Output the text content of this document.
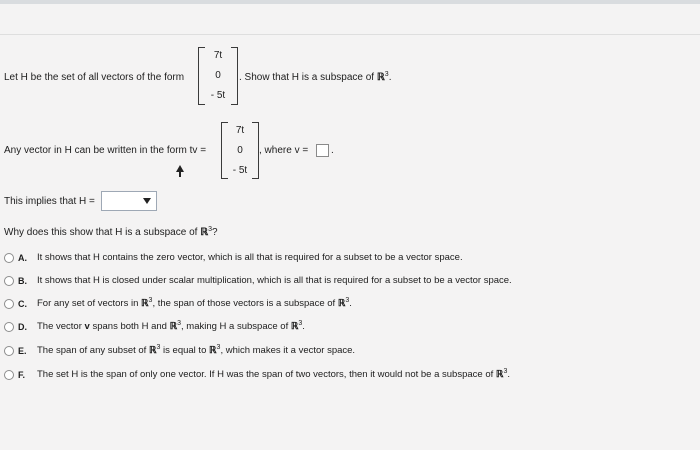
Let H be the set of all vectors of the form
7t
0
- 5t
. Show that H is a subspace of ℝ$^3$.
Any vector in H can be written in the form tv =
7t
0
- 5t
, where v = .
This implies that H =
Why does this show that H is a subspace of ℝ$^3$?
A. It shows that H contains the zero vector, which is all that is required for a subset to be a vector space.
B. It shows that H is closed under scalar multiplication, which is all that is required for a subset to be a vector space.
C. For any set of vectors in ℝ$^3$, the span of those vectors is a subspace of ℝ$^3$.
D. The vector v spans both H and ℝ$^3$, making H a subspace of ℝ$^3$.
E. The span of any subset of ℝ$^3$ is equal to ℝ$^3$, which makes it a vector space.
F. The set H is the span of only one vector. If H was the span of two vectors, then it would not be a subspace of ℝ$^3$.
